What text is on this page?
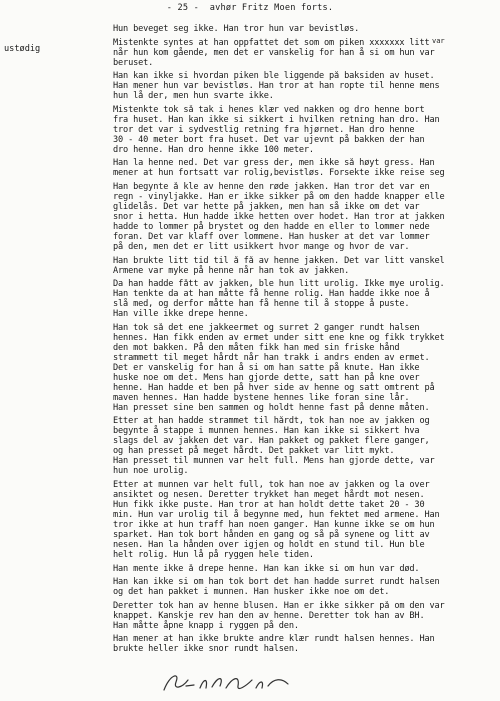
- 25 -  avhør Fritz Moen forts.
ustødig
var

Hun beveget seg ikke. Han tror hun var bevistløs.

Mistenkte syntes at han oppfattet det som om piken xxxxxxx litt
når hun kom gående, men det er vanskelig for han å si om hun var
beruset.

Han kan ikke si hvordan piken ble liggende på baksiden av huset.
Han mener hun var bevistløs. Han tror at han ropte til henne mens
hun lå der, men hun svarte ikke.

Mistenkte tok så tak i henes klær ved nakken og dro henne bort
fra huset. Han kan ikke si sikkert i hvilken retning han dro. Han
tror det var i sydvestlig retning fra hjørnet. Han dro henne
30 - 40 meter bort fra huset. Det var ujevnt på bakken der han
dro henne. Han dro henne ikke 100 meter.

Han la henne ned. Det var gress der, men ikke så høyt gress. Han
mener at hun fortsatt var rolig,bevistløs. Forsekte ikke reise seg

Han begynte å kle av henne den røde jakken. Han tror det var en
regn - vinyljakke. Han er ikke sikker på om den hadde knapper elle
glidelås. Det var hette på jakken, men han så ikke om det var
snor i hetta. Hun hadde ikke hetten over hodet. Han tror at jakken
hadde to lommer på brystet og den hadde en eller to lommer nede
foran. Det var klaff over lommene. Han husker at det var lommer
på den, men det er litt usikkert hvor mange og hvor de var.

Han brukte litt tid til å få av henne jakken. Det var litt vanskel
Armene var myke på henne når han tok av jakken.

Da han hadde fått av jakken, ble hun litt urolig. Ikke mye urolig.
Han tenkte da at han måtte få henne rolig. Han hadde ikke noe å
slå med, og derfor måtte han få henne til å stoppe å puste.
Han ville ikke drepe henne.

Han tok så det ene jakkeermet og surret 2 ganger rundt halsen
hennes. Han fikk enden av ermet under sitt ene kne og fikk trykket
den mot bakken. På den måten fikk han med sin friske hånd
strammett til meget hårdt når han trakk i andrs enden av ermet.
Det er vanskelig for han å si om han satte på knute. Han ikke
huske noe om det. Mens han gjorde dette, satt han på kne over
henne. Han hadde et ben på hver side av henne og satt omtrent på
maven hennes. Han hadde bystene hennes like foran sine lår.
Han presset sine ben sammen og holdt henne fast på denne måten.

Etter at han hadde strammet til hårdt, tok han noe av jakken og
begynte å stappe i munnen hennes. Han kan ikke si sikkert hva
slags del av jakken det var. Han pakket og pakket flere ganger,
og han presset på meget hårdt. Det pakket var litt mykt.
Han presset til munnen var helt full. Mens han gjorde dette, var
hun noe urolig.

Etter at munnen var helt full, tok han noe av jakken og la over
ansiktet og nesen. Deretter trykket han meget hårdt mot nesen.
Hun fikk ikke puste. Han tror at han holdt dette taket 20 - 30
min. Hun var urolig til å begynne med, hun fektet med armene. Han
tror ikke at hun traff han noen ganger. Han kunne ikke se om hun
sparket. Han tok bort hånden en gang og så på synene og litt av
nesen. Han la hånden over igjen og holdt en stund til. Hun ble
helt rolig. Hun lå på ryggen hele tiden.

Han mente ikke å drepe henne. Han kan ikke si om hun var død.

Han kan ikke si om han tok bort det han hadde surret rundt halsen
og det han pakket i munnen. Han husker ikke noe om det.

Deretter tok han av henne blusen. Han er ikke sikker på om den var
knappet. Kanskje rev han den av henne. Deretter tok han av BH.
Han måtte åpne knapp i ryggen på den.

Han mener at han ikke brukte andre klær rundt halsen hennes. Han
brukte heller ikke snor rundt halsen.
